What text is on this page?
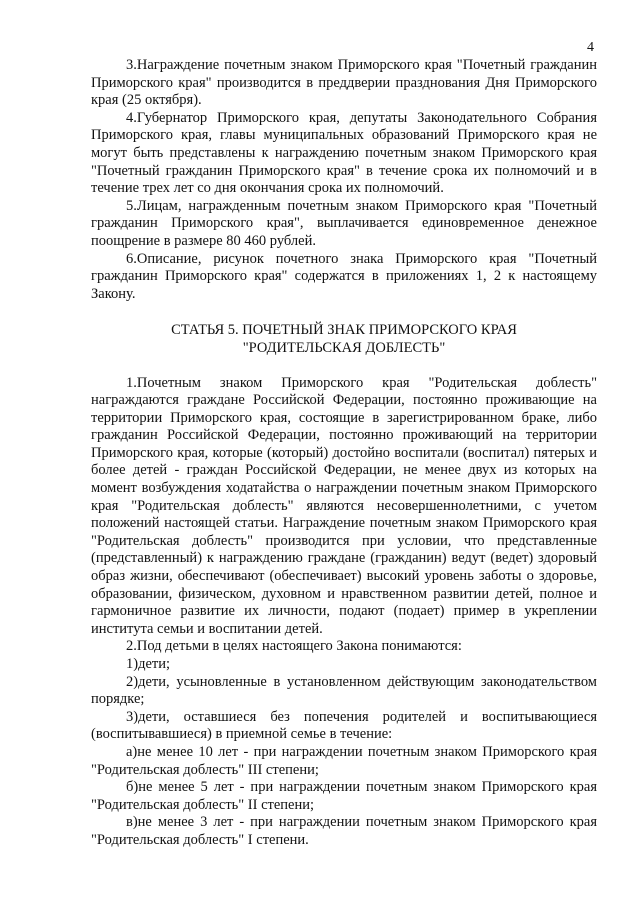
4

3.Награждение почетным знаком Приморского края "Почетный гражданин Приморского края" производится в преддверии празднования Дня Приморского края (25 октября).

4.Губернатор Приморского края, депутаты Законодательного Собрания Приморского края, главы муниципальных образований Приморского края не могут быть представлены к награждению почетным знаком Приморского края "Почетный гражданин Приморского края" в течение срока их полномочий и в течение трех лет со дня окончания срока их полномочий.

5.Лицам, награжденным почетным знаком Приморского края "Почетный гражданин Приморского края", выплачивается единовременное денежное поощрение в размере 80 460 рублей.

6.Описание, рисунок почетного знака Приморского края "Почетный гражданин Приморского края" содержатся в приложениях 1, 2 к настоящему Закону.

СТАТЬЯ 5. ПОЧЕТНЫЙ ЗНАК ПРИМОРСКОГО КРАЯ
"РОДИТЕЛЬСКАЯ ДОБЛЕСТЬ"

1.Почетным знаком Приморского края "Родительская доблесть" награждаются граждане Российской Федерации, постоянно проживающие на территории Приморского края, состоящие в зарегистрированном браке, либо гражданин Российской Федерации, постоянно проживающий на территории Приморского края, которые (который) достойно воспитали (воспитал) пятерых и более детей - граждан Российской Федерации, не менее двух из которых на момент возбуждения ходатайства о награждении почетным знаком Приморского края "Родительская доблесть" являются несовершеннолетними, с учетом положений настоящей статьи. Награждение почетным знаком Приморского края "Родительская доблесть" производится при условии, что представленные (представленный) к награждению граждане (гражданин) ведут (ведет) здоровый образ жизни, обеспечивают (обеспечивает) высокий уровень заботы о здоровье, образовании, физическом, духовном и нравственном развитии детей, полное и гармоничное развитие их личности, подают (подает) пример в укреплении института семьи и воспитании детей.

2.Под детьми в целях настоящего Закона понимаются:

1)дети;

2)дети, усыновленные в установленном действующим законодательством порядке;

3)дети, оставшиеся без попечения родителей и воспитывающиеся (воспитывавшиеся) в приемной семье в течение:

а)не менее 10 лет - при награждении почетным знаком Приморского края "Родительская доблесть" III степени;

б)не менее 5 лет - при награждении почетным знаком Приморского края "Родительская доблесть" II степени;

в)не менее 3 лет - при награждении почетным знаком Приморского края "Родительская доблесть" I степени.
